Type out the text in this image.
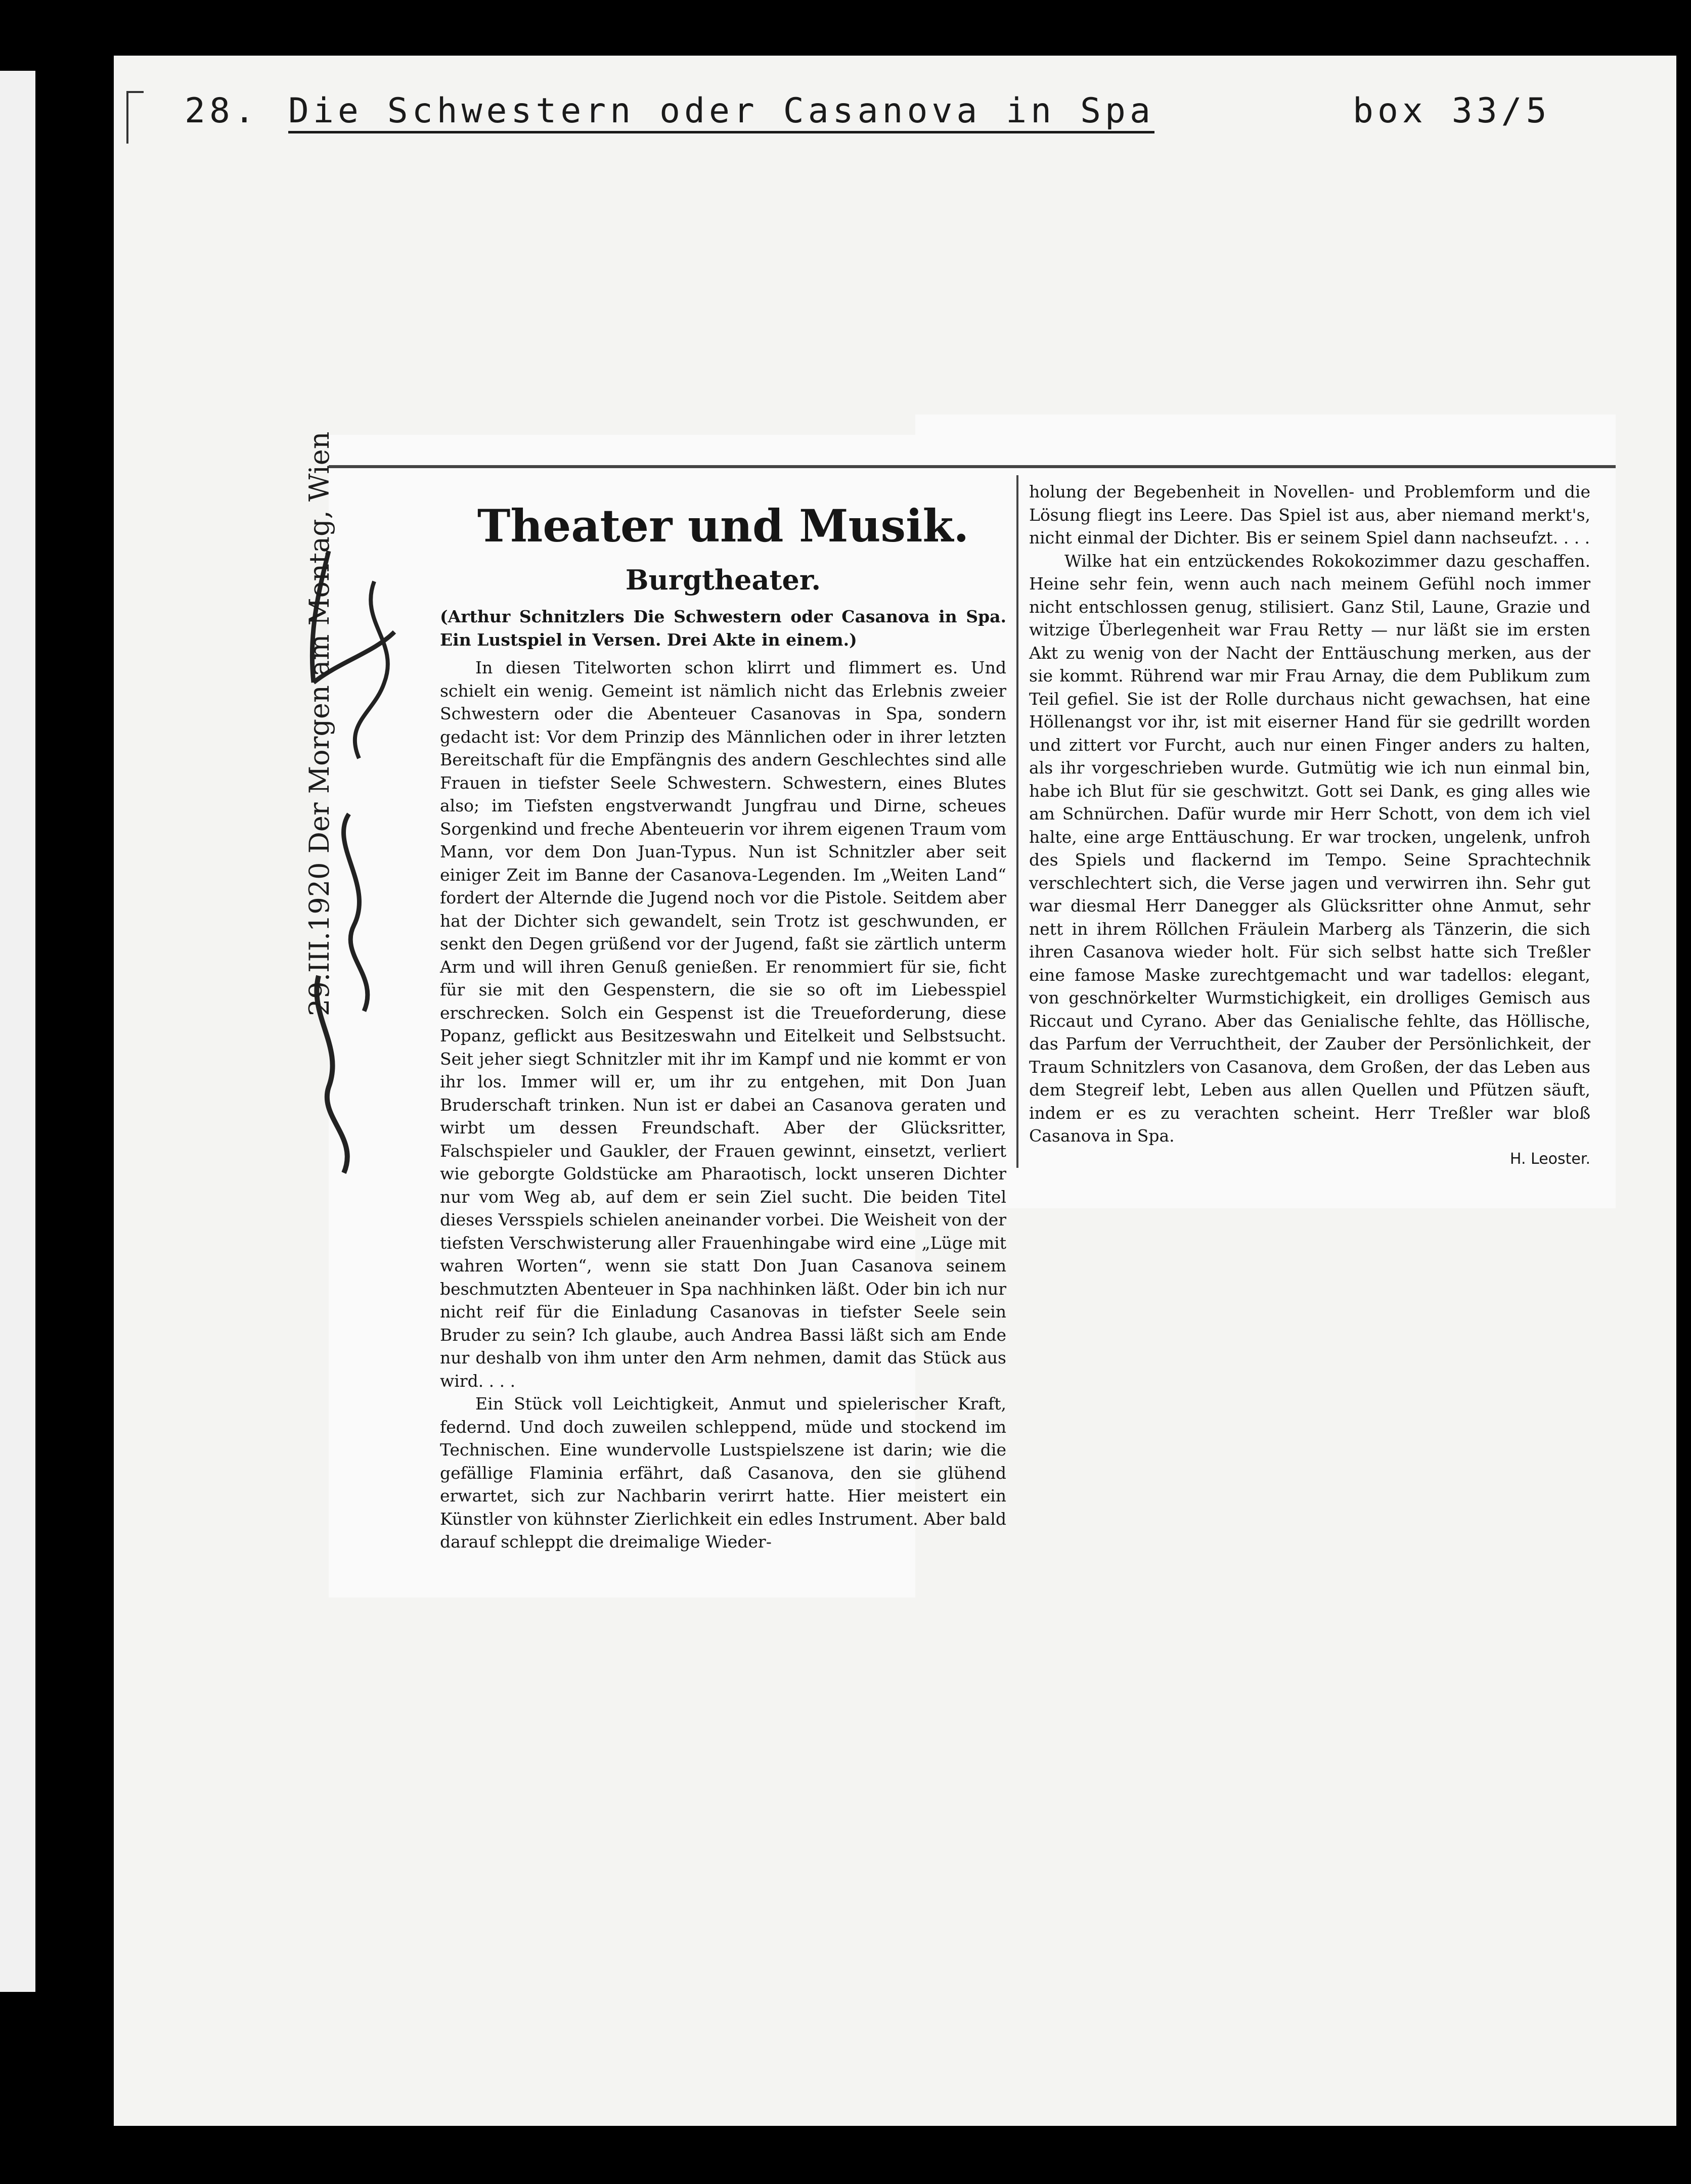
28. Die Schwestern oder Casanova in Spa	box 33/5
29.III.1920 Der Morgen am Montag, Wien	Theater und Musik.
Burgtheater.
(Arthur Schnitzlers Die Schwestern oder Casanova in Spa. Ein Lustspiel in Versen. Drei Akte in einem.)

In diesen Titelworten schon klirrt und flimmert es. Und schielt ein wenig. Gemeint ist nämlich nicht das Erlebnis zweier Schwestern oder die Abenteuer Casanovas in Spa, sondern gedacht ist: Vor dem Prinzip des Männlichen oder in ihrer letzten Bereitschaft für die Empfängnis des andern Geschlechtes sind alle Frauen in tiefster Seele Schwestern. Schwestern, eines Blutes also; im Tiefsten engstverwandt Jungfrau und Dirne, scheues Sorgenkind und freche Abenteuerin vor ihrem eigenen Traum vom Mann, vor dem Don Juan-Typus. Nun ist Schnitzler aber seit einiger Zeit im Banne der Casanova-Legenden. Im „Weiten Land“ fordert der Alternde die Jugend noch vor die Pistole. Seitdem aber hat der Dichter sich gewandelt, sein Trotz ist geschwunden, er senkt den Degen grüßend vor der Jugend, faßt sie zärtlich unterm Arm und will ihren Genuß genießen. Er renommiert für sie, ficht für sie mit den Gespenstern, die sie so oft im Liebesspiel erschrecken. Solch ein Gespenst ist die Treueforderung, diese Popanz, geflickt aus Besitzeswahn und Eitelkeit und Selbstsucht. Seit jeher siegt Schnitzler mit ihr im Kampf und nie kommt er von ihr los. Immer will er, um ihr zu entgehen, mit Don Juan Bruderschaft trinken. Nun ist er dabei an Casanova geraten und wirbt um dessen Freundschaft. Aber der Glücksritter, Falschspieler und Gaukler, der Frauen gewinnt, einsetzt, verliert wie geborgte Goldstücke am Pharaotisch, lockt unseren Dichter nur vom Weg ab, auf dem er sein Ziel sucht. Die beiden Titel dieses Versspiels schielen aneinander vorbei. Die Weisheit von der tiefsten Verschwisterung aller Frauenhingabe wird eine „Lüge mit wahren Worten“, wenn sie statt Don Juan Casanova seinem beschmutzten Abenteuer in Spa nachhinken läßt. Oder bin ich nur nicht reif für die Einladung Casanovas in tiefster Seele sein Bruder zu sein? Ich glaube, auch Andrea Bassi läßt sich am Ende nur deshalb von ihm unter den Arm nehmen, damit das Stück aus wird. . . .

Ein Stück voll Leichtigkeit, Anmut und spielerischer Kraft, federnd. Und doch zuweilen schleppend, müde und stockend im Technischen. Eine wundervolle Lustspielszene ist darin; wie die gefällige Flaminia erfährt, daß Casanova, den sie glühend erwartet, sich zur Nachbarin verirrt hatte. Hier meistert ein Künstler von kühnster Zierlichkeit ein edles Instrument. Aber bald darauf schleppt die dreimalige Wieder-

holung der Begebenheit in Novellen- und Problemform und die Lösung fliegt ins Leere. Das Spiel ist aus, aber niemand merkt's, nicht einmal der Dichter. Bis er seinem Spiel dann nachseufzt. . . .

Wilke hat ein entzückendes Rokokozimmer dazu geschaffen. Heine sehr fein, wenn auch nach meinem Gefühl noch immer nicht entschlossen genug, stilisiert. Ganz Stil, Laune, Grazie und witzige Überlegenheit war Frau Retty — nur läßt sie im ersten Akt zu wenig von der Nacht der Enttäuschung merken, aus der sie kommt. Rührend war mir Frau Arnay, die dem Publikum zum Teil gefiel. Sie ist der Rolle durchaus nicht gewachsen, hat eine Höllenangst vor ihr, ist mit eiserner Hand für sie gedrillt worden und zittert vor Furcht, auch nur einen Finger anders zu halten, als ihr vorgeschrieben wurde. Gutmütig wie ich nun einmal bin, habe ich Blut für sie geschwitzt. Gott sei Dank, es ging alles wie am Schnürchen. Dafür wurde mir Herr Schott, von dem ich viel halte, eine arge Enttäuschung. Er war trocken, ungelenk, unfroh des Spiels und flackernd im Tempo. Seine Sprachtechnik verschlechtert sich, die Verse jagen und verwirren ihn. Sehr gut war diesmal Herr Danegger als Glücksritter ohne Anmut, sehr nett in ihrem Röllchen Fräulein Marberg als Tänzerin, die sich ihren Casanova wieder holt. Für sich selbst hatte sich Treßler eine famose Maske zurechtgemacht und war tadellos: elegant, von geschnörkelter Wurmstichigkeit, ein drolliges Gemisch aus Riccaut und Cyrano. Aber das Genialische fehlte, das Höllische, das Parfum der Verruchtheit, der Zauber der Persönlichkeit, der Traum Schnitzlers von Casanova, dem Großen, der das Leben aus dem Stegreif lebt, Leben aus allen Quellen und Pfützen säuft, indem er es zu verachten scheint. Herr Treßler war bloß Casanova in Spa.

H. Leoster.
